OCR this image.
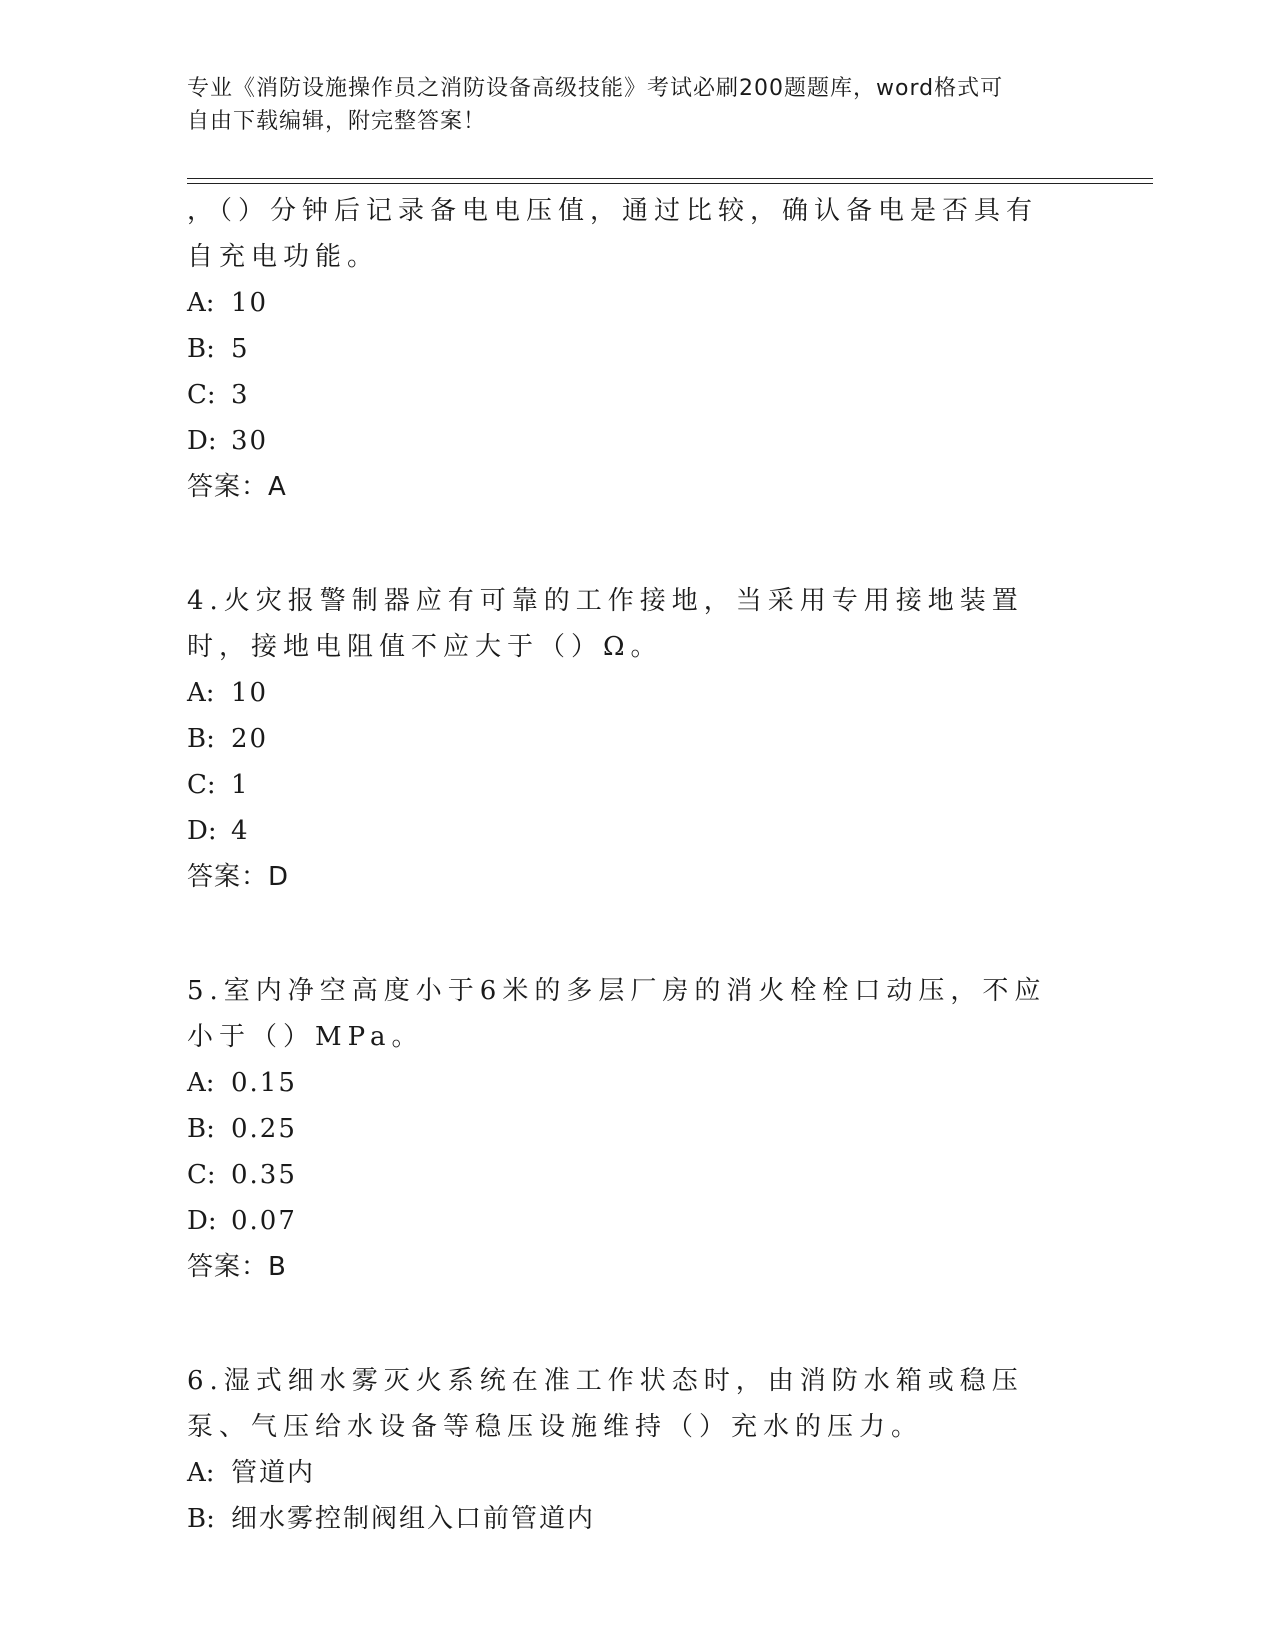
专业《消防设施操作员之消防设备高级技能》考试必刷200题题库，word格式可
自由下载编辑，附完整答案！

，（）分钟后记录备电电压值，通过比较，确认备电是否具有自充电功能。

A: 10

B: 5

C: 3

D: 30

答案：A

4.火灾报警制器应有可靠的工作接地，当采用专用接地装置时，接地电阻值不应大于（）Ω。

A: 10

B: 20

C: 1

D: 4

答案：D

5.室内净空高度小于6米的多层厂房的消火栓栓口动压，不应小于（）MPa。

A: 0.15

B: 0.25

C: 0.35

D: 0.07

答案：B

6.湿式细水雾灭火系统在准工作状态时，由消防水箱或稳压泵、气压给水设备等稳压设施维持（）充水的压力。

A: 管道内

B: 细水雾控制阀组入口前管道内
